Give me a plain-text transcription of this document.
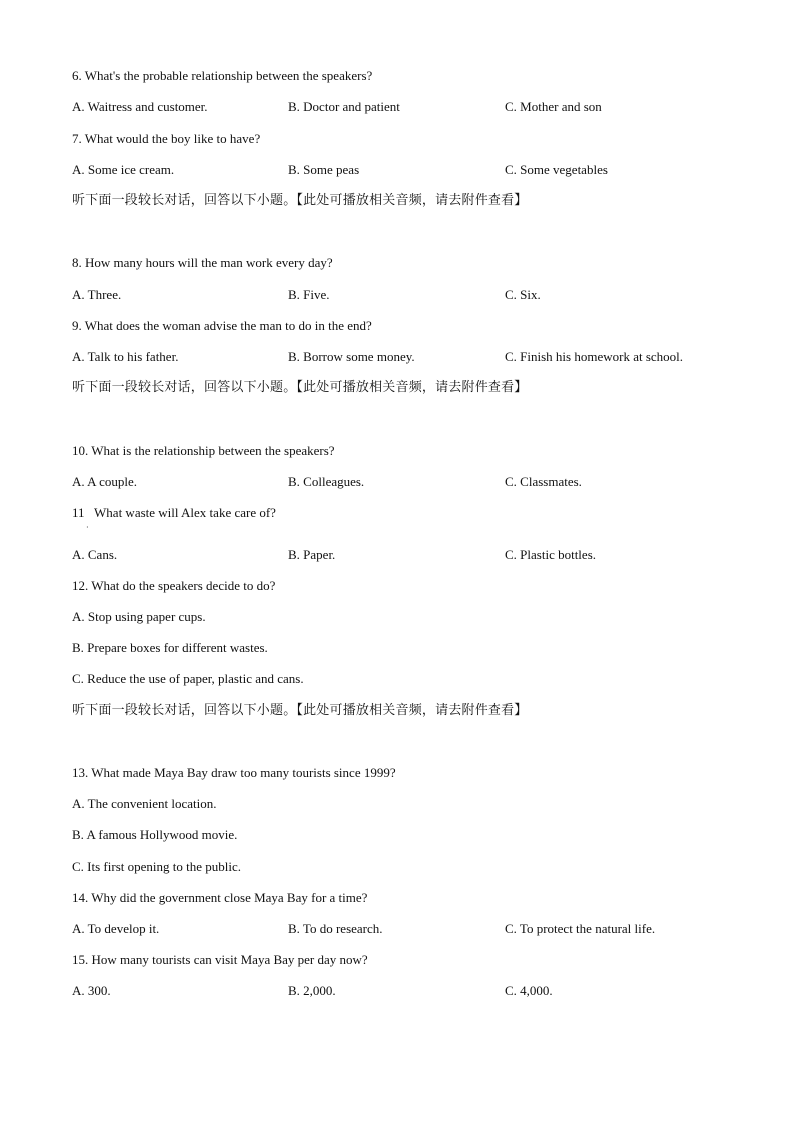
6. What's the probable relationship between the speakers?
A. Waitress and customer.	B. Doctor and patient	C. Mother and son
7. What would the boy like to have?
A. Some ice cream.	B. Some peas	C. Some vegetables
听下面一段较长对话，回答以下小题。【此处可播放相关音频，请去附件查看】
8. How many hours will the man work every day?
A. Three.	B. Five.	C. Six.
9. What does the woman advise the man to do in the end?
A. Talk to his father.	B. Borrow some money.	C. Finish his homework at school.
听下面一段较长对话，回答以下小题。【此处可播放相关音频，请去附件查看】
10. What is the relationship between the speakers?
A. A couple.	B. Colleagues.	C. Classmates.
11   What waste will Alex take care of?
·
A. Cans.	B. Paper.	C. Plastic bottles.
12. What do the speakers decide to do?
A. Stop using paper cups.
B. Prepare boxes for different wastes.
C. Reduce the use of paper, plastic and cans.
听下面一段较长对话，回答以下小题。【此处可播放相关音频，请去附件查看】
13. What made Maya Bay draw too many tourists since 1999?
A. The convenient location.
B. A famous Hollywood movie.
C. Its first opening to the public.
14. Why did the government close Maya Bay for a time?
A. To develop it.	B. To do research.	C. To protect the natural life.
15. How many tourists can visit Maya Bay per day now?
A. 300.	B. 2,000.	C. 4,000.
